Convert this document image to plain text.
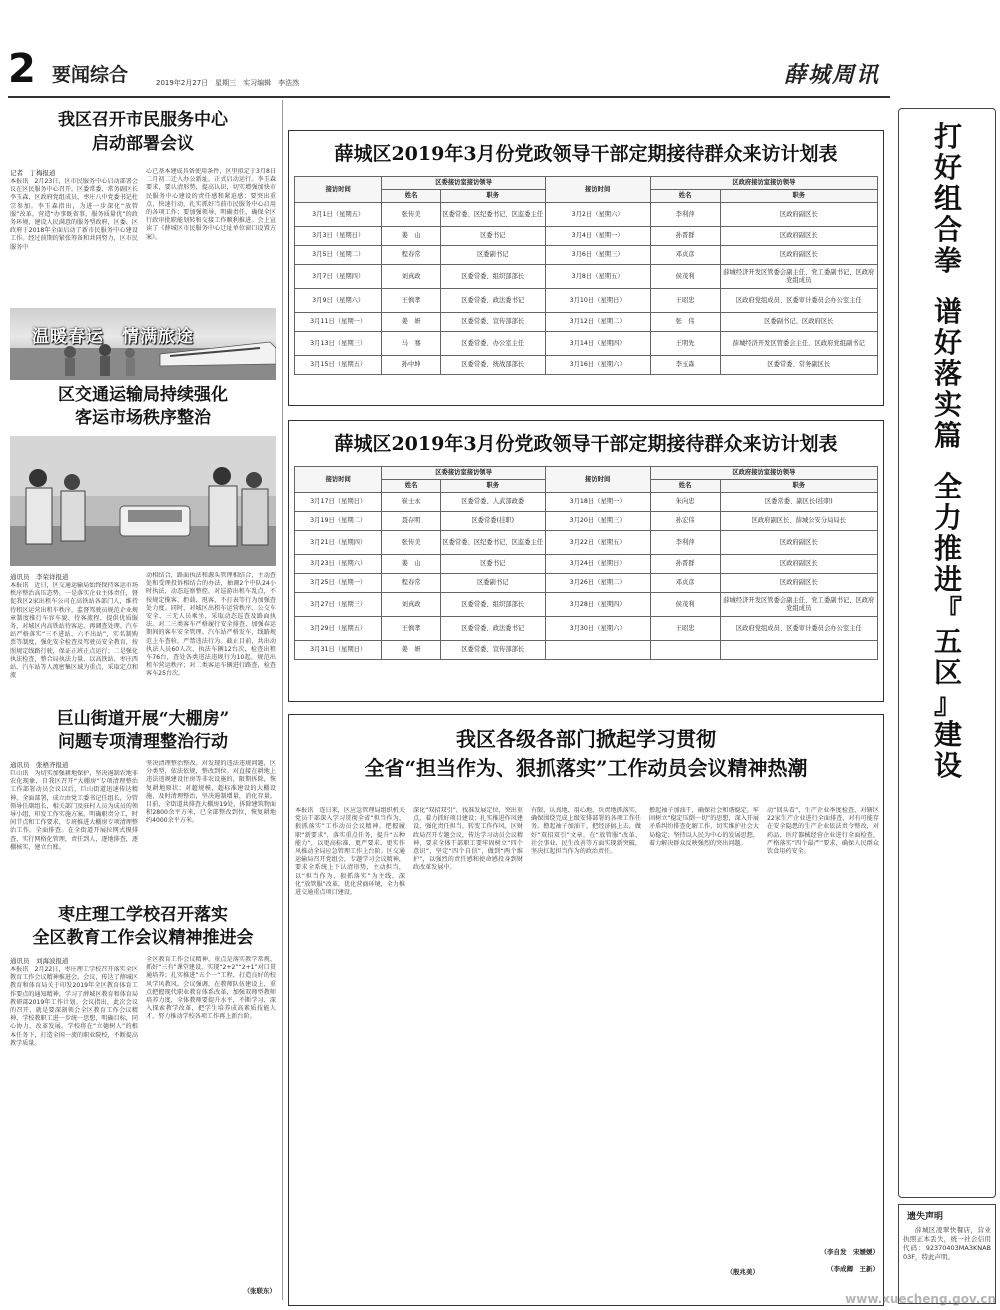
2 要闻综合	2019年2月27日　星期三　实习编辑　李浩然	薛城周讯
我区召开市民服务中心
启动部署会议
记者　丁梅报道
本报讯　2月23日，区市民服务中心启动部署会议在区民服务中心召开。区委常委、常务副区长李玉森，区政府党组成员、枣庄八中党委书记杜宗参加。李玉森指出，为进一步深化“放管服”改革，营造“办事既省事，服务质量优”的政务环境，建设人民满意的服务型政府，区委、区政府于2018年全面启动了新市民服务中心建设工作。经过前期的紧张筹备和共同努力，区市民服务中
心已基本建成具备使用条件，区里拟定于3月8日二月初二迁入办公新址，正式启动运行。李玉森要求，要认清形势，提高认识，切实增强加快市民服务中心建设的责任感和紧迫感；要突出重点，快速行动，扎实抓好当前市民服务中心启用的各项工作；要加强领导，明确责任，确保全区行政审批职能划转和交接工作顺利推进。会上宣读了《薛城区市民服务中心迁址单位窗口设置方案》。
温暖春运　情满旅途
区交通运输局持续强化
客运市场秩序整治
通讯员　李荣祥报道
本报讯　近日，区交通运输局始终保持客运市场秩序整治高压态势。一是落实企业主体责任，督促我区2家出租车公司在高铁站各部门人，维持待租区运营出租车秩序，监督驾驶员规范企业规章制度推行车容车貌、待客流程，提供优质服务，对城区内高铁站待客运，再调查处理。汽车站严格落实“三不进站、六不出站”，实名制购票等制度，强化安全检查及驾驶员安全教育，按照规定线路行驶，保证正班正点运行；二是强化执法检查，整合局执法力量，以高铁站、枣庄西站、汽车站等人流密集区域为重点，采取定点和流
动相结合，路面执法和源头管理相结合，主动查处和受理投诉相结合的办法，抽调2个中队24小时执法，动态巡察整控。对巡游出租车乱点，不按规定揽客、拒载、甩客，不打表等行为加强查处力度。同时，对城区出租车运营秩序、公交车安全、三无人员乘坐，采取动态巡查及路面执法。对二三类客车严格履行安全排查，加强春运期间的客车安全管理。汽车站严格发车，线路规范上车查验，严禁违法行为。截止目前，共出动执法人员60人次，执法车辆12台次，检查出租车76台，查处各类违法违规行为10起，规范出租车营运秩序；对二类客运车辆进行路查，检查客车25台次。
巨山街道开展“大棚房”
问题专项清理整治行动
通讯员　张梧齐报道
巨山讯　为切实加强耕地保护，坚决遏制农地非农化现象，自我区召开“大棚房”专项清理整治工作部署动员会议以后，巨山街道迅速传达精神，全面部署，成立由党工委书记任组长，分管领导任副组长，相关部门及驻村人员为成员的领导小组，印发工作实施方案，明确职责分工，时间节点和工作要求，专班推进大棚房专项清理整治工作。全面排查。在全街道开展拉网式摸排查，实行网格化管理，责任到人，逐地排查，逐棚核实，建立台账。
坚决清理整治整改。对发现的违法违规问题，区分类型，依法依规，整改到位。对直接在耕地上违法违规建设住房等非农设施的，限期拆除，恢复耕地原状；对超规模、超标准建设的大棚设施，及时清理整治，坚决遏制增量，消化存量。目前，全街道共排查大棚房19处，拆除建筑物面积2800余平方米，已全部整改到位，恢复耕地约4000余平方米。
枣庄理工学校召开落实
全区教育工作会议精神推进会
通讯员　刘海波报道
本报讯　2月22日，枣庄理工学校召开落实全区教育工作会议精神推进会。会议，传达了薛城区教育和体育局关于印发2019年全区教育体育工作要点的通知精神，学习了薛城区教育和体育局教研部2019年工作计划。会议指出，此次会议的召开，就是要深刻领会全区教育工作会议精神，学校教职工进一步统一思想，明确目标，同心协力，改革发展。学校将在“立德树人”的根本任务下，打造全国一流的职业院校，不断提高教学质量。
全区教育工作会议精神，重点是落实教学常规、抓好“三有”课堂建设，实现“2+2”“2+1”对口贯通培养；扎实推进“五个一”工程，打造良好的校风学风教风。会议强调，在教师队伍建设上，重点把握现代职业教育体系改革，加强双师型教师培养力度，全体教师要提升水平，不断学习，深入探索教学改革，把学生培养成高素质技能人才，努力推动学校各项工作再上新台阶。
（张联东）
薛城区2019年3月份党政领导干部定期接待群众来访计划表
接访时间	区委接访室接访领导		接访时间	区政府接访室接访领导	
	姓名	职务		姓名	职务
3月1日（星期五）	张传美	区委常委、区纪委书记、区监委主任	3月2日（星期六）	李利萍	区政府副区长
3月3日（星期日）	姜　山	区委书记	3月4日（星期一）	孙晋群	区政府副区长
3月5日（星期二）	程春常	区委副书记	3月6日（星期三）	邓贞彦	区政府副区长
3月7日（星期四）	刘真政	区委常委、组织部部长	3月8日（星期五）	侯茂利	薛城经济开发区管委会副主任、党工委副书记、区政府党组成员
3月9日（星期六）	王慎孝	区委常委、政法委书记	3月10日（星期日）	王昭忠	区政府党组成员、区委审计委员会办公室主任
3月11日（星期一）	姜　妍	区委常委、宣传部部长	3月12日（星期二）	张　伟	区委副书记、区政府区长
3月13日（星期三）	马　骞	区委常委、办公室主任	3月14日（星期四）	王明先	薛城经济开发区管委会主任、区政府党组副书记
3月15日（星期五）	孙中坤	区委常委、统战部部长	3月16日（星期六）	李玉森	区委常委、常务副区长
薛城区2019年3月份党政领导干部定期接待群众来访计划表
接访时间	区委接访室接访领导		接访时间	区政府接访室接访领导	
	姓名	职务		姓名	职务
3月17日（星期日）	崔士永	区委常委、人武部政委	3月18日（星期一）	朱向忠	区委常委、副区长(挂职)
3月19日（星期二）	聂存明	区委常委(挂职)	3月20日（星期三）	孙宏伟	区政府副区长、薛城公安分局局长
3月21日（星期四）	张传美	区委常委、区纪委书记、区监委主任	3月22日（星期五）	李利萍	区政府副区长
3月23日（星期六）	姜　山	区委书记	3月24日（星期日）	孙晋群	区政府副区长
3月25日（星期一）	程春常	区委副书记	3月26日（星期二）	邓贞彦	区政府副区长
3月27日（星期三）	刘真政	区委常委、组织部部长	3月28日（星期四）	侯茂利	薛城经济开发区管委会副主任、党工委副书记、区政府党组成员
3月29日（星期五）	王慎孝	区委常委、政法委书记	3月30日（星期六）	王昭忠	区政府党组成员、区委审计委员会办公室主任
3月31日（星期日）	姜　妍	区委常委、宣传部部长			
我区各级各部门掀起学习贯彻
全省“担当作为、狠抓落实”工作动员会议精神热潮
本报讯　连日来，区应急管理局组织机关党员干部深入学习贯彻全省“担当作为、狠抓落实”工作动员会议精神。把握履职“新要求”，落实重点任务，提升“五种能力”，以更高标准、更严要求、更实作风推动全局应急管理工作上台阶。区交通运输局召开党组会，专题学习会议精神，要求全系统上下认清形势，主动担当，以“担当作为、狠抓落实”为主线，深化“放管服”改革，优化营商环境，全力推进交通重点项目建设。
深化“双招双引”，找准发展定位，突出重点，着力抓好项目建设；扎实推进作风建设，强化责任担当，转变工作作风。区财政局召开专题会议，传达学习动员会议精神，要求全体干部职工要牢固树立“四个意识”，坚定“四个自信”，做到“两个维护”，以强烈的责任感和使命感投身到财政改革发展中。
有限、认真地、用心地，负责地抓落实，确保围绕完成上级安排部署的各项工作任务。撸起袖子加油干，把经济搞上去，做好“双招双引”文章，在“放管服”改革、社会事业、民生改善等方面实现新突破，坚决扛起担当作为的政治责任。
撸起袖子加油干，确保社会和谐稳定。牢固树立“稳定压倒一切”的思想，深入开展矛盾纠纷排查化解工作，切实维护社会大局稳定；坚持以人民为中心的发展思想，着力解决群众反映强烈的突出问题。
（殷兆美）
动“回头看”，生产企业季度检查、对辖区22家生产企业进行全面排查，对有可能存在安全隐患的生产企业依法责令整改，对药品、医疗器械经营企业进行全面检查，严格落实“四个最严”要求，确保人民群众饮食用药安全。
（李自发　宋媛媛）
（李成卿　王新）
打
好
组
合
拳
谱
好
落
实
篇
全
力
推
进
『
五
区
』
建
设
遗失声明
薛城区凌翠快餐店，营业执照正本丢失，统一社会信用代码：92370403MA3KNAB03F，特此声明。
www.xuecheng.gov.cn
